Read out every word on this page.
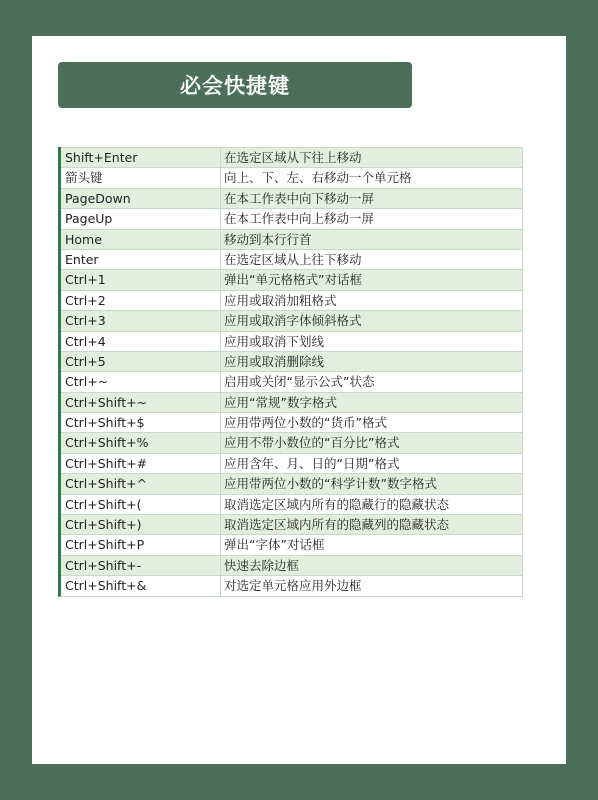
必会快捷键
Shift+Enter	在选定区域从下往上移动
箭头键	向上、下、左、右移动一个单元格
PageDown	在本工作表中向下移动一屏
PageUp	在本工作表中向上移动一屏
Home	移动到本行行首
Enter	在选定区域从上往下移动
Ctrl+1	弹出“单元格格式”对话框
Ctrl+2	应用或取消加粗格式
Ctrl+3	应用或取消字体倾斜格式
Ctrl+4	应用或取消下划线
Ctrl+5	应用或取消删除线
Ctrl+~	启用或关闭“显示公式”状态
Ctrl+Shift+~	应用“常规”数字格式
Ctrl+Shift+$	应用带两位小数的“货币”格式
Ctrl+Shift+%	应用不带小数位的“百分比”格式
Ctrl+Shift+#	应用含年、月、日的“日期”格式
Ctrl+Shift+^	应用带两位小数的“科学计数”数字格式
Ctrl+Shift+(	取消选定区域内所有的隐藏行的隐藏状态
Ctrl+Shift+)	取消选定区域内所有的隐藏列的隐藏状态
Ctrl+Shift+P	弹出“字体”对话框
Ctrl+Shift+-	快速去除边框
Ctrl+Shift+&	对选定单元格应用外边框
